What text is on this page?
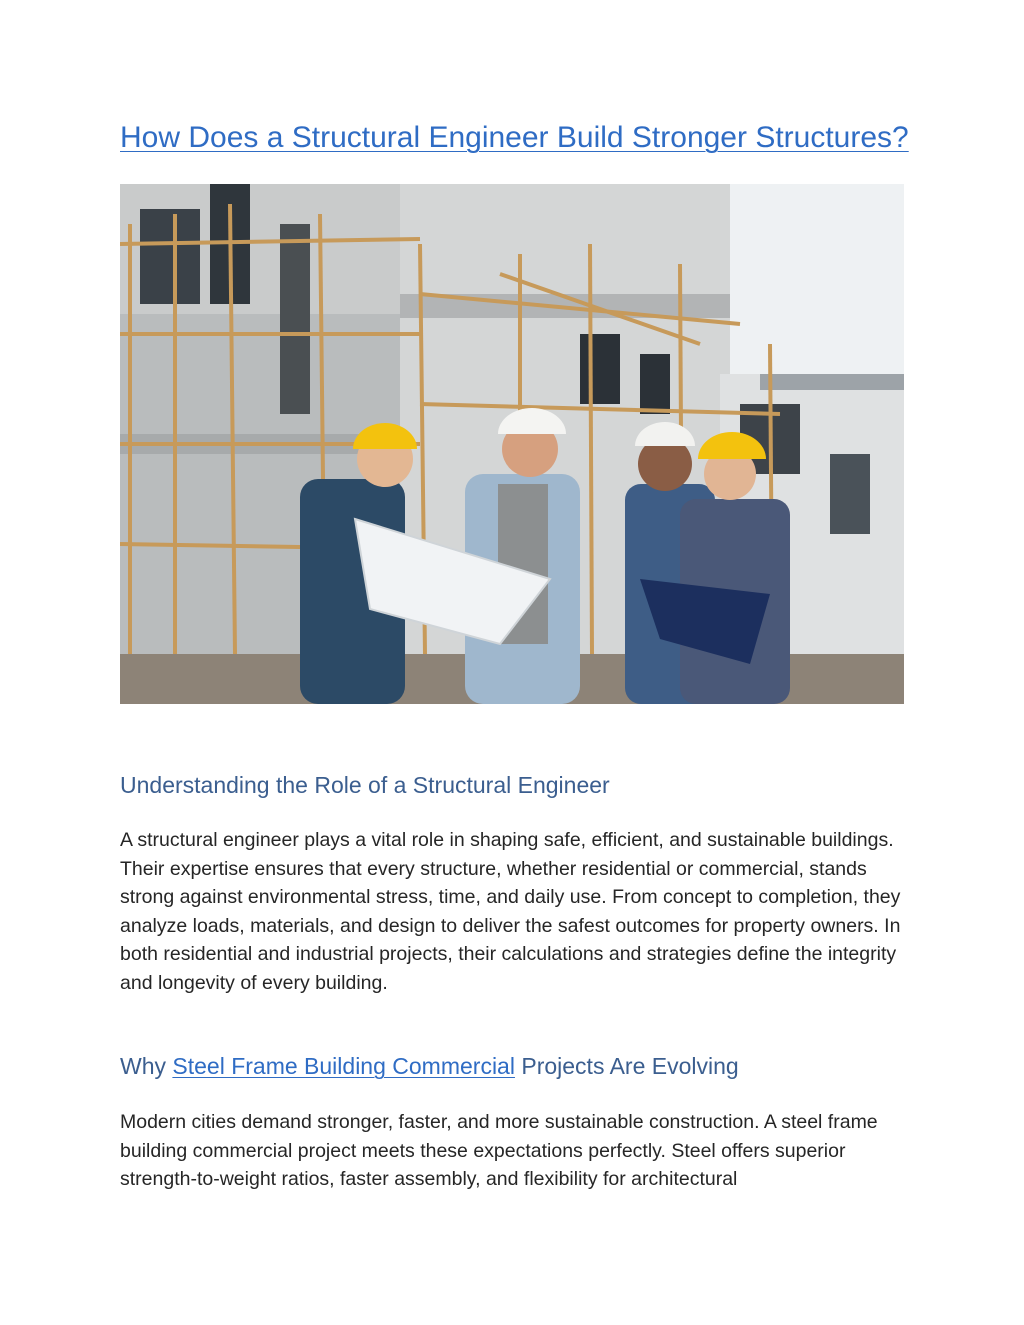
How Does a Structural Engineer Build Stronger Structures?
Understanding the Role of a Structural Engineer
A structural engineer plays a vital role in shaping safe, efficient, and sustainable buildings. Their expertise ensures that every structure, whether residential or commercial, stands strong against environmental stress, time, and daily use. From concept to completion, they analyze loads, materials, and design to deliver the safest outcomes for property owners. In both residential and industrial projects, their calculations and strategies define the integrity and longevity of every building.
Why Steel Frame Building Commercial Projects Are Evolving
Modern cities demand stronger, faster, and more sustainable construction. A steel frame building commercial project meets these expectations perfectly. Steel offers superior strength-to-weight ratios, faster assembly, and flexibility for architectural
